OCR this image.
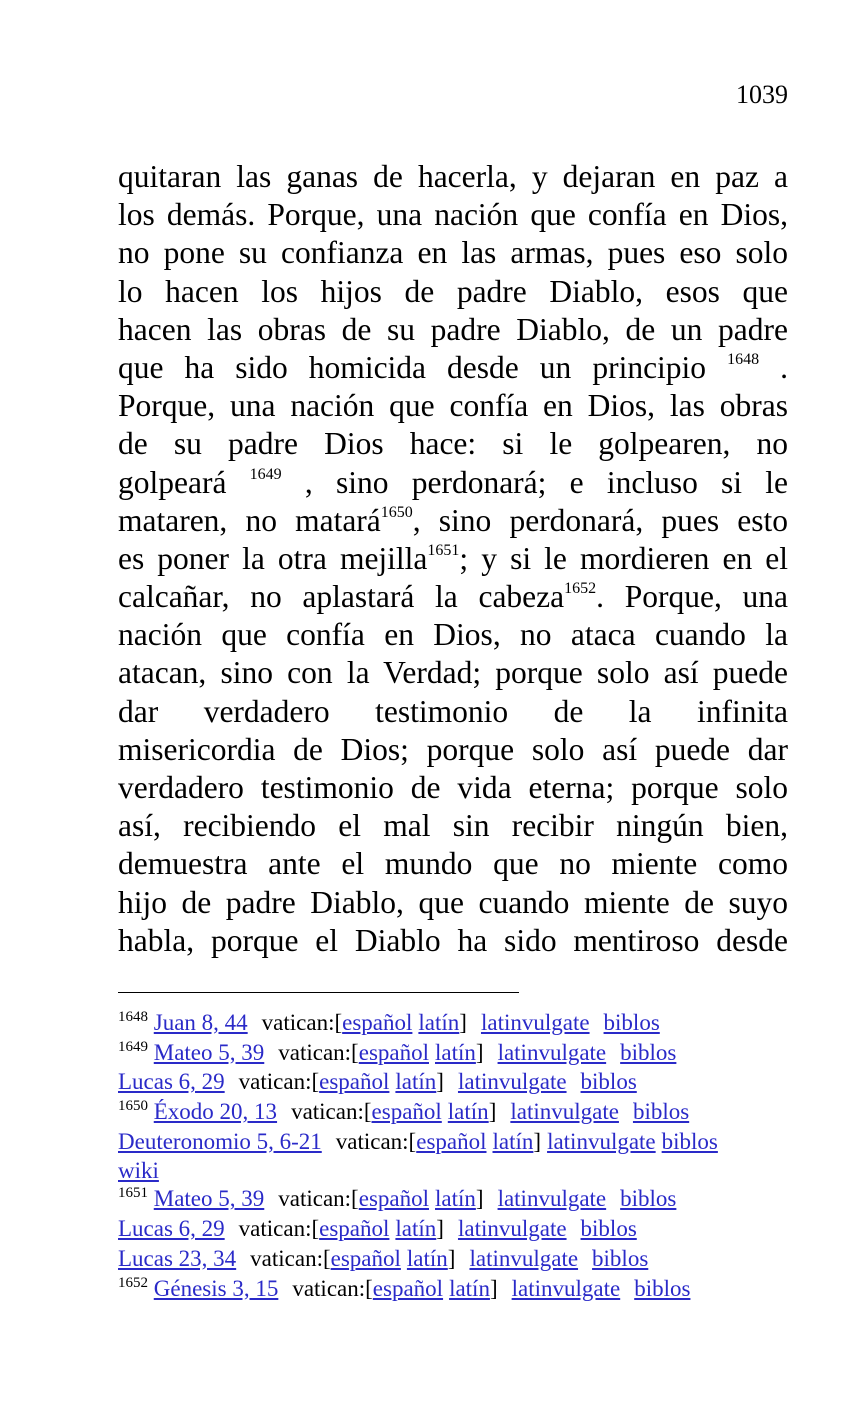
1039
quitaran las ganas de hacerla, y dejaran en paz a
los demás. Porque, una nación que confía en Dios,
no pone su confianza en las armas, pues eso solo
lo hacen los hijos de padre Diablo, esos que
hacen las obras de su padre Diablo, de un padre
que ha sido homicida desde un principio $^{1648}$ .
Porque, una nación que confía en Dios, las obras
de su padre Dios hace: si le golpearen, no
golpeará $^{1649}$ , sino perdonará; e incluso si le
mataren, no matará$^{1650}$, sino perdonará, pues esto
es poner la otra mejilla$^{1651}$; y si le mordieren en el
calcañar, no aplastará la cabeza$^{1652}$. Porque, una
nación que confía en Dios, no ataca cuando la
atacan, sino con la Verdad; porque solo así puede
dar verdadero testimonio de la infinita
misericordia de Dios; porque solo así puede dar
verdadero testimonio de vida eterna; porque solo
así, recibiendo el mal sin recibir ningún bien,
demuestra ante el mundo que no miente como
hijo de padre Diablo, que cuando miente de suyo
habla, porque el Diablo ha sido mentiroso desde
$^{1648}$ Juan 8, 44 vatican:[español latín] latinvulgate biblos
$^{1649}$ Mateo 5, 39 vatican:[español latín] latinvulgate biblos
Lucas 6, 29 vatican:[español latín] latinvulgate biblos
$^{1650}$ Éxodo 20, 13 vatican:[español latín] latinvulgate biblos
Deuteronomio 5, 6-21 vatican:[español latín] latinvulgate biblos
wiki
$^{1651}$ Mateo 5, 39 vatican:[español latín] latinvulgate biblos
Lucas 6, 29 vatican:[español latín] latinvulgate biblos
Lucas 23, 34 vatican:[español latín] latinvulgate biblos
$^{1652}$ Génesis 3, 15 vatican:[español latín] latinvulgate biblos
